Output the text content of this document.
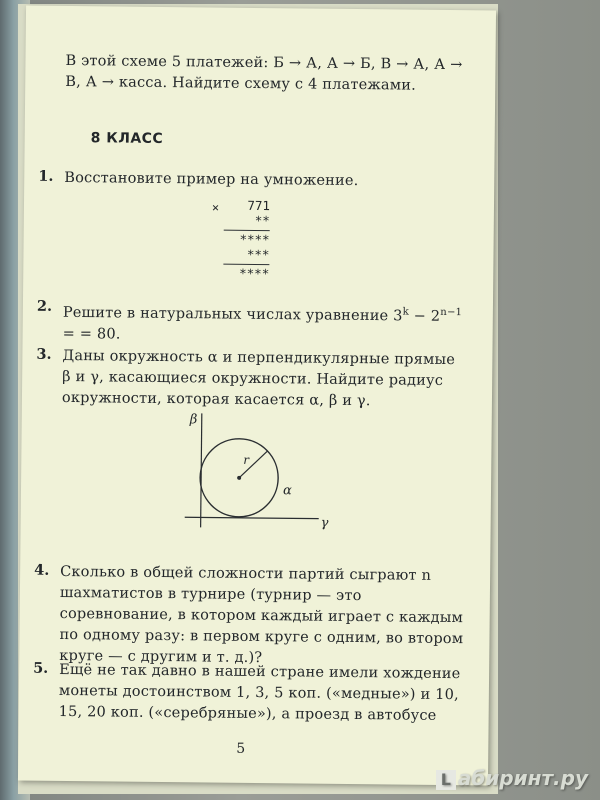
В этой схеме 5 платежей: Б → А, А → Б, В → А, А → В, А → касса. Найдите схему с 4 платежами.
8 КЛАСС
1. Восстановите пример на умножение.
× 771
**
****
***
****
2. Решите в натуральных числах уравнение $3^k - 2^{n-1}$ = = 80.
3. Даны окружность α и перпендикулярные прямые β и γ, касающиеся окружности. Найдите радиус окружности, которая касается α, β и γ.
β
γ
α
r
4. Сколько в общей сложности партий сыграют n шахматистов в турнире (турнир — это соревнование, в котором каждый играет с каждым по одному разу: в первом круге с одним, во втором круге — с другим и т. д.)?
5. Ещё не так давно в нашей стране имели хождение монеты достоинством 1, 3, 5 коп. («медные») и 10, 15, 20 коп. («серебряные»), а проезд в автобусе
5
L абиринт.ру
